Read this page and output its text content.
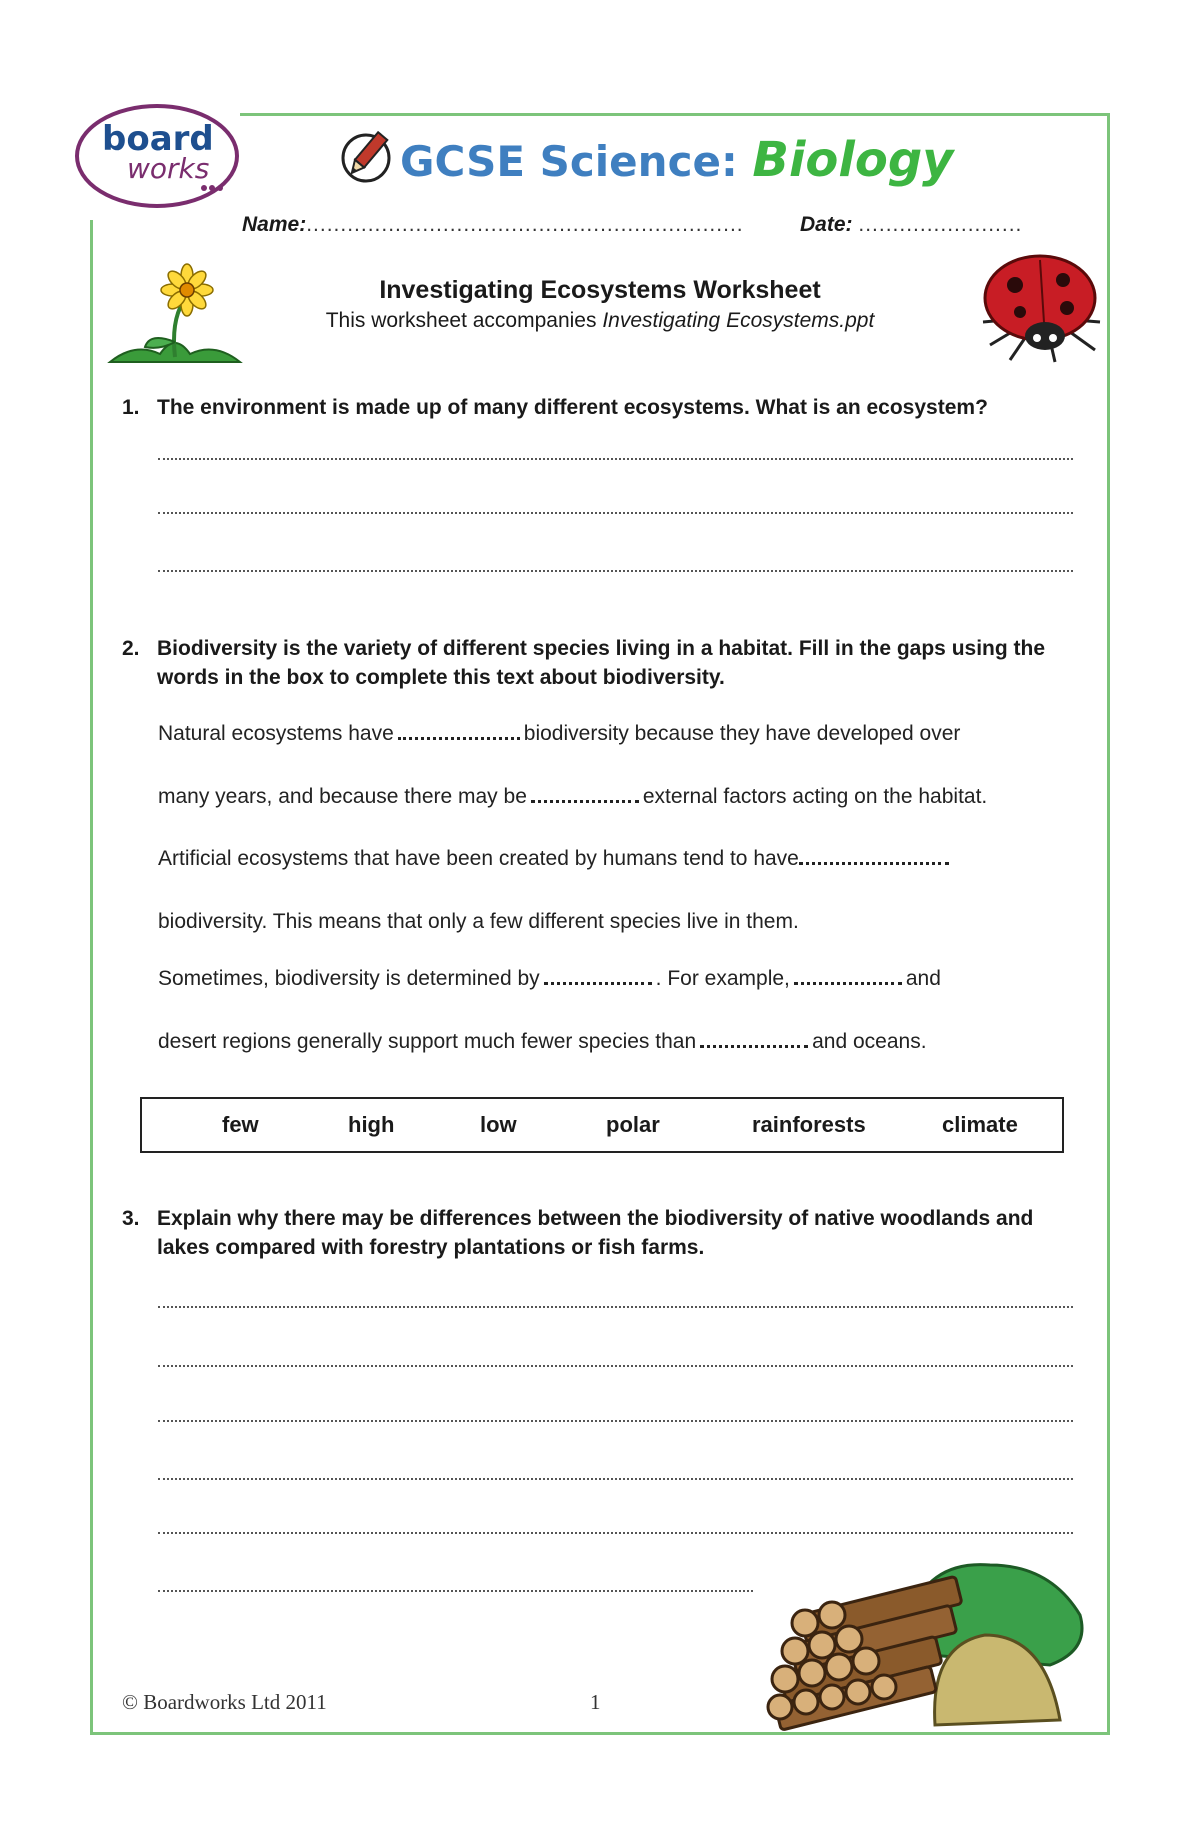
board
works	GCSE Science: Biology
Name:................................................................	Date: ........................
Investigating Ecosystems Worksheet
This worksheet accompanies Investigating Ecosystems.ppt
1. The environment is made up of many different ecosystems. What is an ecosystem?
2. Biodiversity is the variety of different species living in a habitat. Fill in the gaps using the words in the box to complete this text about biodiversity.
Natural ecosystems have	biodiversity because they have developed over
many years, and because there may be	external factors acting on the habitat.
Artificial ecosystems that have been created by humans tend to have
biodiversity. This means that only a few different species live in them.
Sometimes, biodiversity is determined by	. For example,	and
desert regions generally support much fewer species than	and oceans.
few	high	low	polar	rainforests	climate
3. Explain why there may be differences between the biodiversity of native woodlands and lakes compared with forestry plantations or fish farms.
© Boardworks Ltd 2011	1
